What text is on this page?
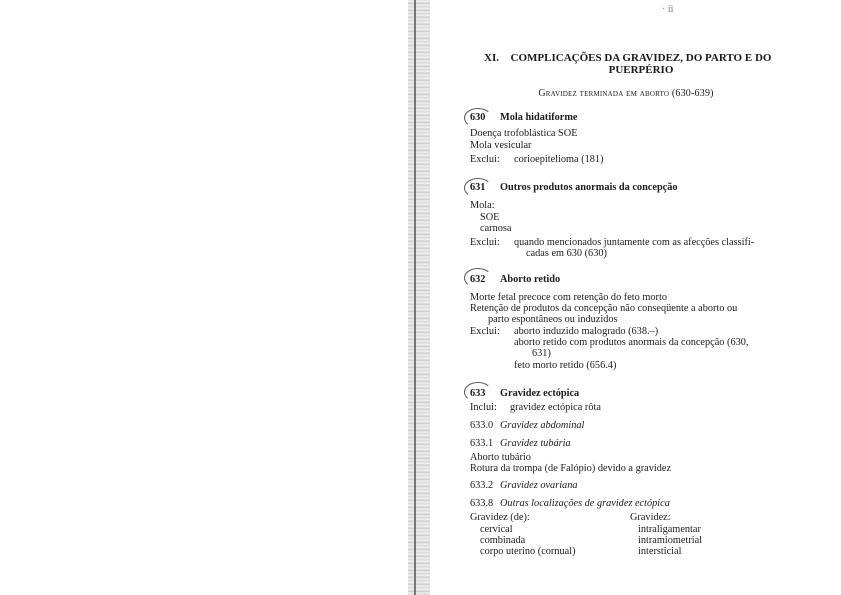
· ii
XI.	COMPLICAÇÕES DA GRAVIDEZ, DO PARTO E DO
PUERPÉRIO
Gravidez terminada em aborto (630-639)
630 Mola hidatiforme
Doença trofoblástica SOE
Mola vesicular
Exclui: corioepitelioma (181)
631 Outros produtos anormais da concepção
Mola:
SOE
carnosa
Exclui: quando mencionados juntamente com as afecções classifi-
cadas em 630 (630)
632 Aborto retido
Morte fetal precoce com retenção do feto morto
Retenção de produtos da concepção não conseqüente a aborto ou
parto espontâneos ou induzidos
Exclui: aborto induzido malogrado (638.–)
aborto retido com produtos anormais da concepção (630,
631)
feto morto retido (656.4)
633 Gravidez ectópica
Inclui: gravidez ectópica rôta
633.0 Gravidez abdominal
633.1 Gravidez tubária
Aborto tubário
Rotura da trompa (de Falópio) devido a gravidez
633.2 Gravidez ovariana
633.8 Outras localizações de gravidez ectópica
Gravidez (de):
cervical
combinada
corpo uterino (cornual)
Gravidez:
intraligamentar
intramiometrial
intersticial
